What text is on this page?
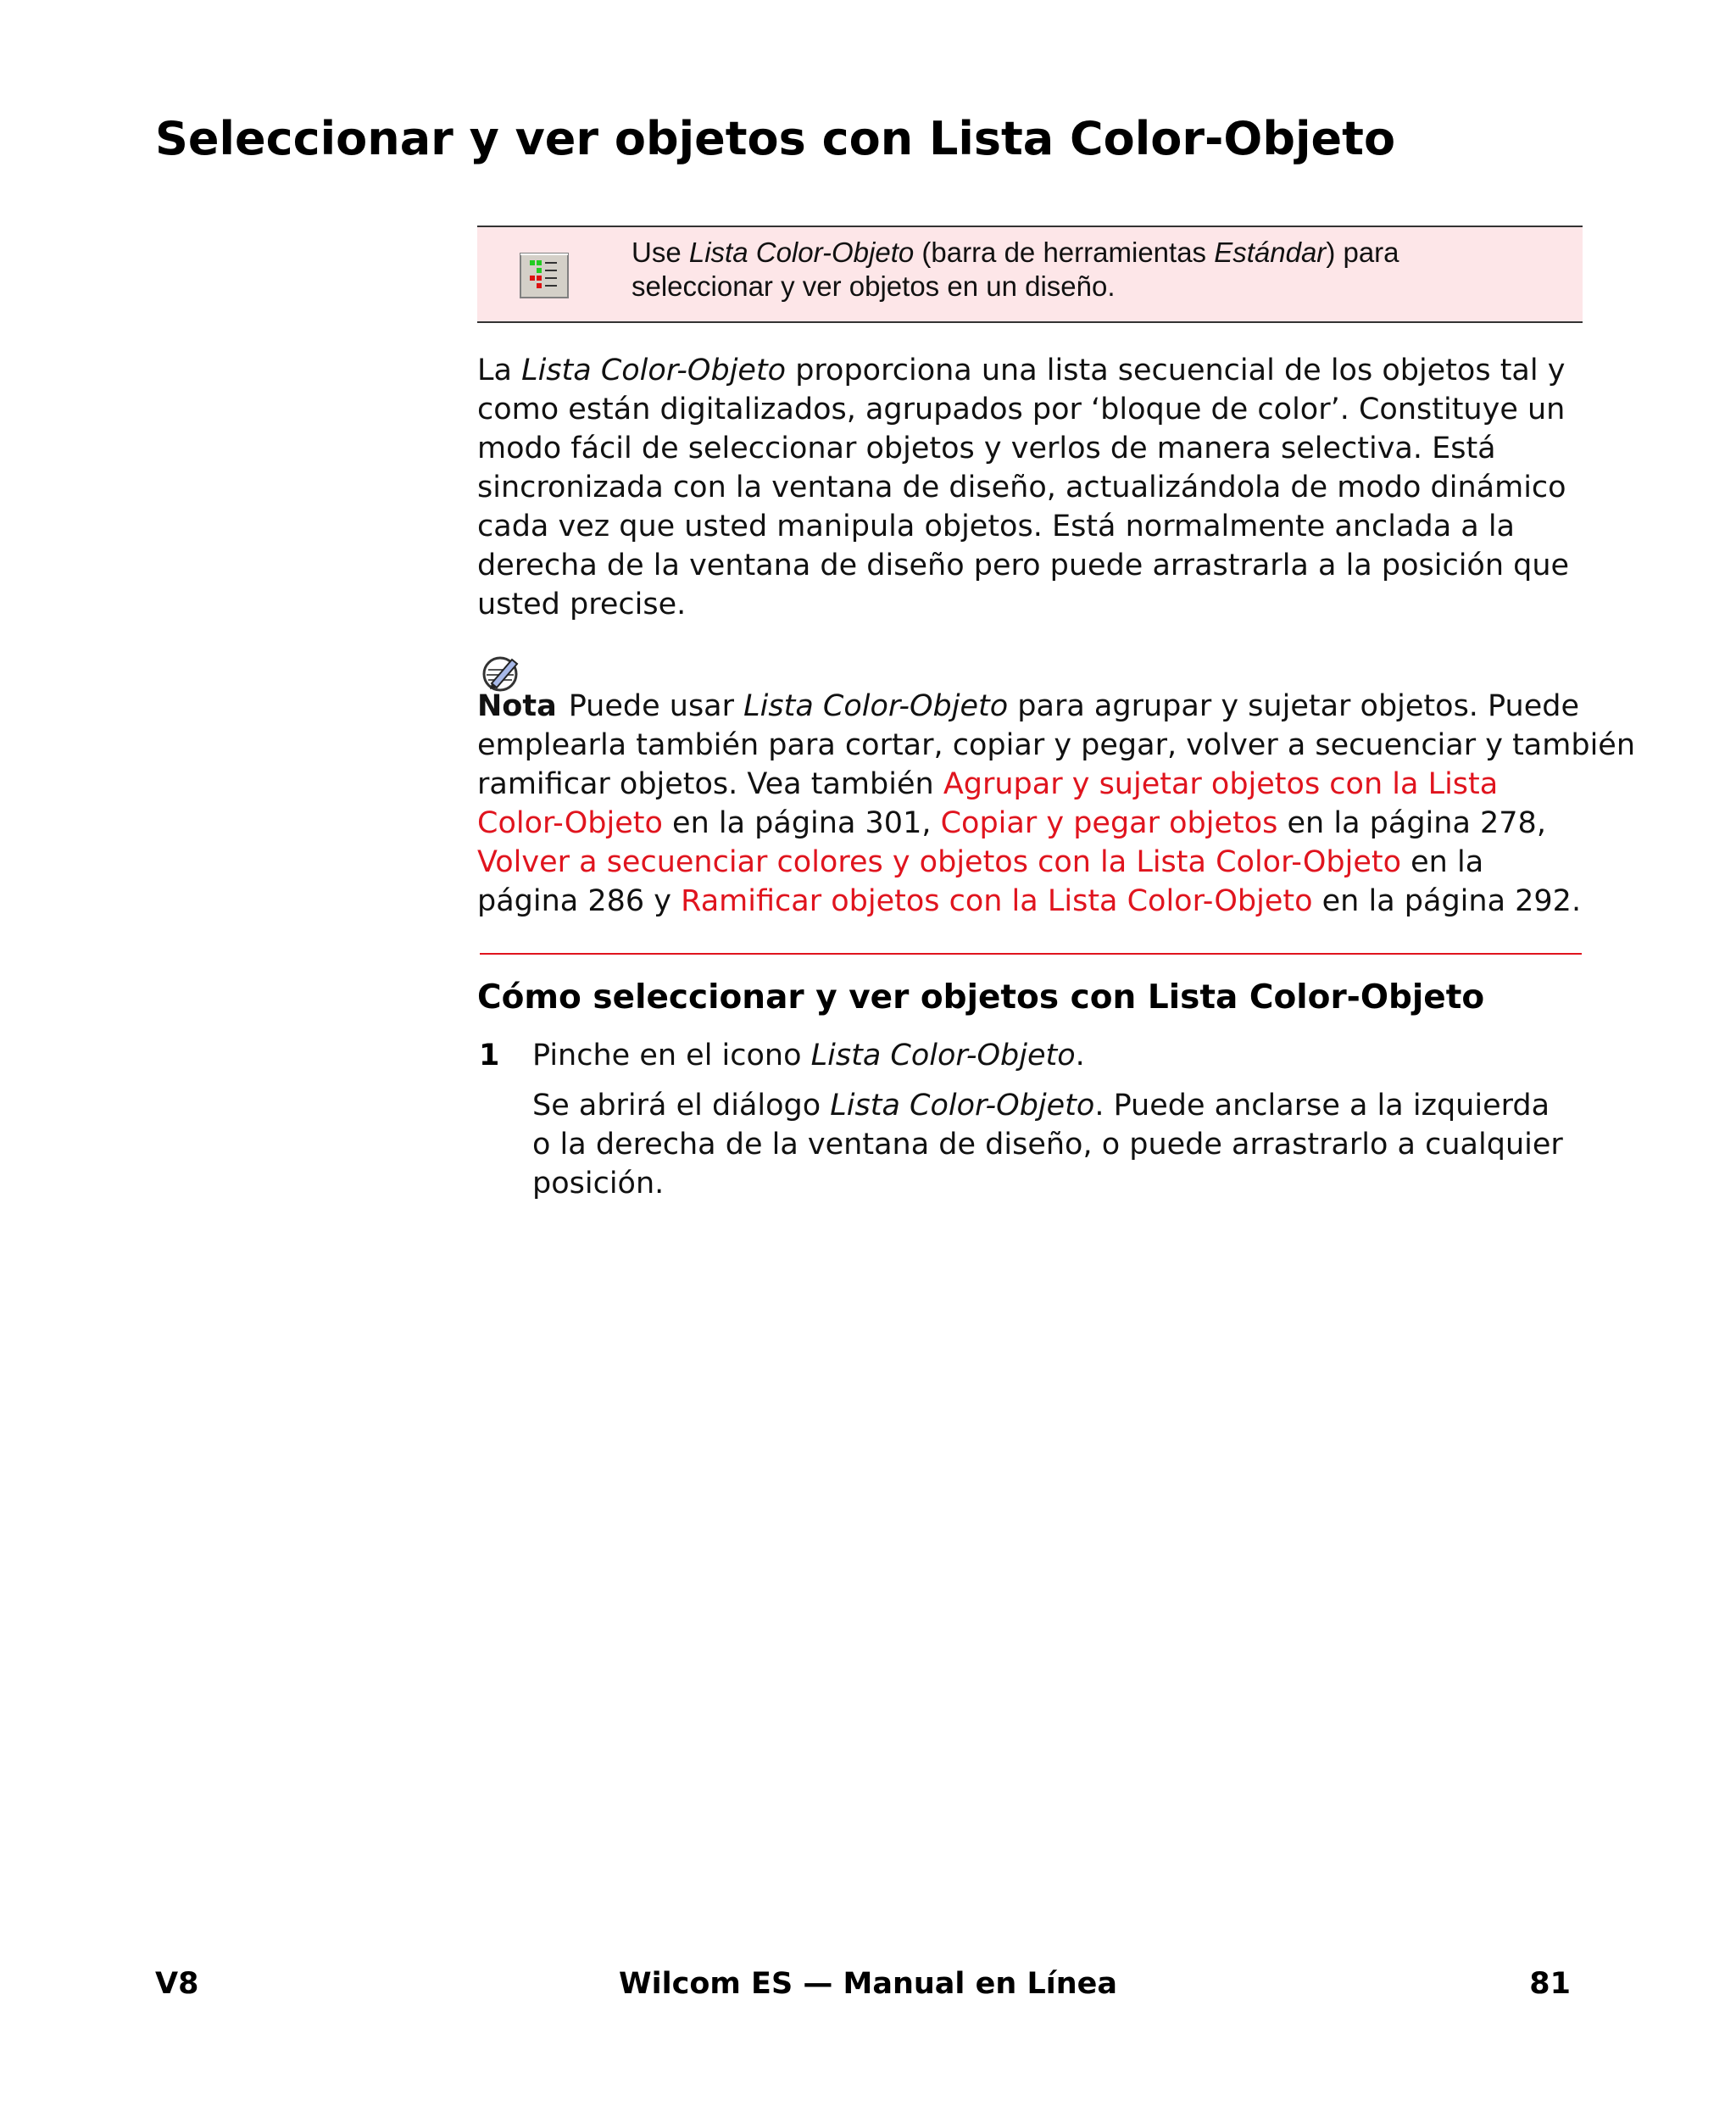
Seleccionar y ver objetos con Lista Color-Objeto
Use Lista Color-Objeto (barra de herramientas Estándar) para
seleccionar y ver objetos en un diseño.

La Lista Color-Objeto proporciona una lista secuencial de los objetos tal y
como están digitalizados, agrupados por ‘bloque de color’. Constituye un
modo fácil de seleccionar objetos y verlos de manera selectiva. Está
sincronizada con la ventana de diseño, actualizándola de modo dinámico
cada vez que usted manipula objetos. Está normalmente anclada a la
derecha de la ventana de diseño pero puede arrastrarla a la posición que
usted precise.

Nota Puede usar Lista Color-Objeto para agrupar y sujetar objetos. Puede
emplearla también para cortar, copiar y pegar, volver a secuenciar y también
ramificar objetos. Vea también Agrupar y sujetar objetos con la Lista
Color-Objeto en la página 301, Copiar y pegar objetos en la página 278,
Volver a secuenciar colores y objetos con la Lista Color-Objeto en la
página 286 y Ramificar objetos con la Lista Color-Objeto en la página 292.

Cómo seleccionar y ver objetos con Lista Color-Objeto
1 Pinche en el icono Lista Color-Objeto.

Se abrirá el diálogo Lista Color-Objeto. Puede anclarse a la izquierda
o la derecha de la ventana de diseño, o puede arrastrarlo a cualquier
posición.

V8	Wilcom ES — Manual en Línea	81
